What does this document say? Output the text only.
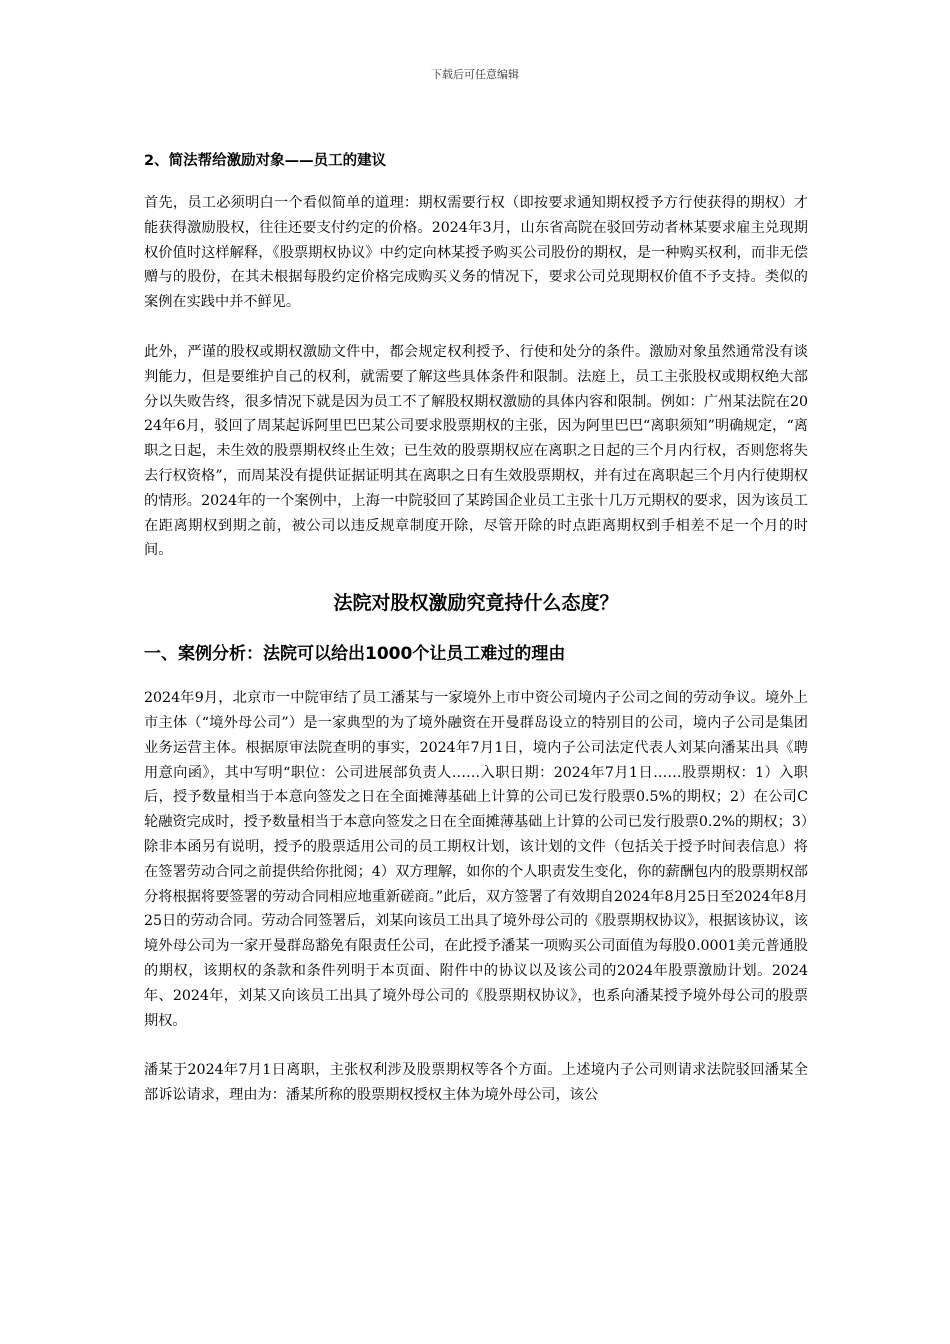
下载后可任意编辑
2、简法帮给激励对象——员工的建议

首先，员工必须明白一个看似简单的道理：期权需要行权（即按要求通知期权授予方行使获得的期权）才能获得激励股权，往往还要支付约定的价格。2024年3月，山东省高院在驳回劳动者林某要求雇主兑现期权价值时这样解释，《股票期权协议》中约定向林某授予购买公司股份的期权，是一种购买权利，而非无偿赠与的股份，在其未根据每股约定价格完成购买义务的情况下，要求公司兑现期权价值不予支持。类似的案例在实践中并不鲜见。

此外，严谨的股权或期权激励文件中，都会规定权利授予、行使和处分的条件。激励对象虽然通常没有谈判能力，但是要维护自己的权利，就需要了解这些具体条件和限制。法庭上，员工主张股权或期权绝大部分以失败告终，很多情况下就是因为员工不了解股权期权激励的具体内容和限制。例如：广州某法院在2024年6月，驳回了周某起诉阿里巴巴某公司要求股票期权的主张，因为阿里巴巴“离职须知”明确规定，“离职之日起，未生效的股票期权终止生效；已生效的股票期权应在离职之日起的三个月内行权，否则您将失去行权资格”，而周某没有提供证据证明其在离职之日有生效股票期权，并有过在离职起三个月内行使期权的情形。2024年的一个案例中，上海一中院驳回了某跨国企业员工主张十几万元期权的要求，因为该员工在距离期权到期之前，被公司以违反规章制度开除，尽管开除的时点距离期权到手相差不足一个月的时间。

法院对股权激励究竟持什么态度？
一、案例分析：法院可以给出1000个让员工难过的理由

2024年9月，北京市一中院审结了员工潘某与一家境外上市中资公司境内子公司之间的劳动争议。境外上市主体（“境外母公司”）是一家典型的为了境外融资在开曼群岛设立的特别目的公司，境内子公司是集团业务运营主体。根据原审法院查明的事实，2024年7月1日，境内子公司法定代表人刘某向潘某出具《聘用意向函》，其中写明“职位：公司进展部负责人……入职日期：2024年7月1日……股票期权：1）入职后，授予数量相当于本意向签发之日在全面摊薄基础上计算的公司已发行股票0.5%的期权；2）在公司C轮融资完成时，授予数量相当于本意向签发之日在全面摊薄基础上计算的公司已发行股票0.2%的期权；3）除非本函另有说明，授予的股票适用公司的员工期权计划，该计划的文件（包括关于授予时间表信息）将在签署劳动合同之前提供给你批阅；4）双方理解，如你的个人职责发生变化，你的薪酬包内的股票期权部分将根据将要签署的劳动合同相应地重新磋商。”此后，双方签署了有效期自2024年8月25日至2024年8月25日的劳动合同。劳动合同签署后，刘某向该员工出具了境外母公司的《股票期权协议》，根据该协议，该境外母公司为一家开曼群岛豁免有限责任公司，在此授予潘某一项购买公司面值为每股0.0001美元普通股的期权，该期权的条款和条件列明于本页面、附件中的协议以及该公司的2024年股票激励计划。2024年、2024年，刘某又向该员工出具了境外母公司的《股票期权协议》，也系向潘某授予境外母公司的股票期权。

潘某于2024年7月1日离职，主张权利涉及股票期权等各个方面。上述境内子公司则请求法院驳回潘某全部诉讼请求，理由为：潘某所称的股票期权授权主体为境外母公司，该公
